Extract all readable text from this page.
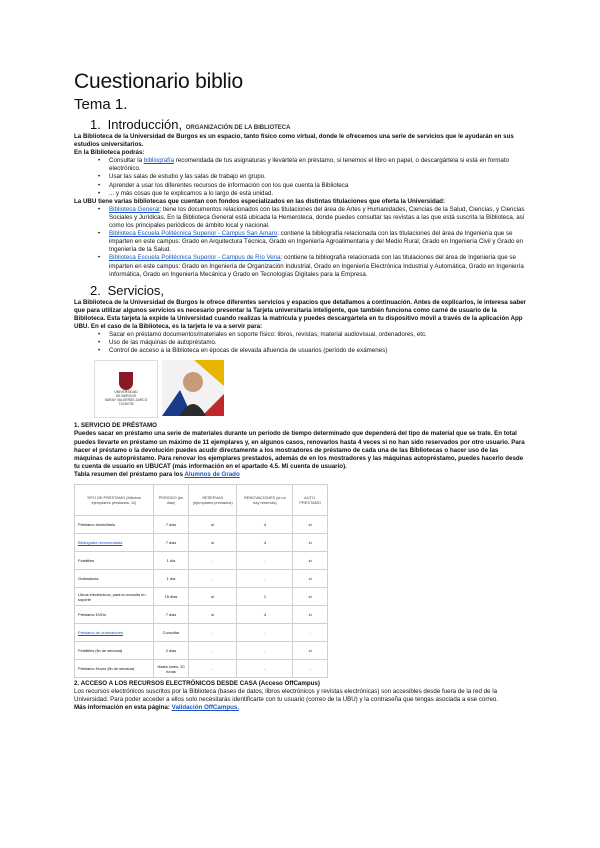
Cuestionario biblio
Tema 1.
1. Introducción, ORGANIZACIÓN DE LA BIBLIOTECA

La Biblioteca de la Universidad de Burgos es un espacio, tanto físico como virtual, donde le ofrecemos una serie de servicios que le ayudarán en sus estudios universitarios.

En la Biblioteca podrás:

• Consultar la bibliografía recomendada de tus asignaturas y llevártela en préstamo, si tenemos el libro en papel, o descargártela si está en formato electrónico.
• Usar las salas de estudio y las salas de trabajo en grupo.
• Aprender a usar los diferentes recursos de información con los que cuenta la Biblioteca
• ... y más cosas que te explicamos a lo largo de esta unidad.

La UBU tiene varias bibliotecas que cuentan con fondos especializados en las distintas titulaciones que oferta la Universidad:

• Biblioteca General: tiene los documentos relacionados con las titulaciones del área de Artes y Humanidades, Ciencias de la Salud, Ciencias, y Ciencias Sociales y Jurídicas. En la Biblioteca General está ubicada la Hemeroteca, donde puedes consultar las revistas a las que está suscrita la Biblioteca, así como los principales periódicos de ámbito local y nacional.
• Biblioteca Escuela Politécnica Superior - Campus San Amaro: contiene la bibliografía relacionada con las titulaciones del área de Ingeniería que se imparten en este campus: Grado en Arquitectura Técnica, Grado en Ingeniería Agroalimentaria y del Medio Rural, Grado en Ingeniería Civil y Grado en Ingeniería de la Salud.
• Biblioteca Escuela Politécnica Superior - Campus de Río Vena: contiene la bibliografía relacionada con las titulaciones del área de Ingeniería que se imparten en este campus: Grado en Ingeniería de Organización Industrial, Grado en Ingeniería Electrónica Industrial y Automática, Grado en Ingeniería Informática, Grado en Ingeniería Mecánica y Grado en Tecnologías Digitales para la Empresa.
2. Servicios,

La Biblioteca de la Universidad de Burgos le ofrece diferentes servicios y espacios que detallamos a continuación. Antes de explicarlos, le interesa saber que para utilizar algunos servicios es necesario presentar la Tarjeta universitaria inteligente, que también funciona como carné de usuario de la Biblioteca. Esta tarjeta la expide la Universidad cuando realizas la matrícula y puedes descargártela en tu dispositivo móvil a través de la aplicación App UBU. En el caso de la Biblioteca, es la tarjeta le va a servir para:

• Sacar en préstamo documentos/materiales en soporte físico: libros, revistas, material audiovisual, ordenadores, etc.
• Uso de las máquinas de autopréstamo.
• Control de acceso a la Biblioteca en épocas de elevada afluencia de usuarios (período de exámenes)
UNIVERSIDAD
DE BURGOS
SARAY VALDERÁS ZARCO
71245725

1. SERVICIO DE PRÉSTAMO

Puedes sacar en préstamo una serie de materiales durante un período de tiempo determinado que dependerá del tipo de material que se trate. En total puedes llevarte en préstamo un máximo de 11 ejemplares y, en algunos casos, renovarlos hasta 4 veces si no han sido reservados por otro usuario. Para hacer el préstamo o la devolución puedes acudir directamente a los mostradores de préstamo de cada una de las Bibliotecas o hacer uso de las máquinas de autopréstamo. Para renovar los ejemplares prestados, además de en los mostradores y las máquinas autopréstamo, puedes hacerlo desde tu cuenta de usuario en UBUCAT (más información en el apartado 4.5. Mi cuenta de usuario).

Tabla resumen del préstamo para los Alumnos de Grado

TIPO DE PRÉSTAMO (Máximo ejemplares prestados: 11)	PERIODO (en días)	RESERVAS (ejemplares prestados)	RENOVACIONES (si no hay reservas)	AUTO-PRÉSTAMO
Préstamo domiciliario	7 días	sí	4	sí
Bibliografía recomendada	7 días	sí	4	sí
Portátiles	1 día	-	-	sí
Grabadoras	1 día	-	-	sí
Libros electrónicos, para la consulta en soporte	15 días	sí	1	sí
Préstamo DVDs	7 días	sí	4	sí
Préstamo de ordenadores	Consultar	-	-	-
Portátiles (fin de semana)	2 días	-	-	sí
Préstamo Humo (fin de semana)	Hasta lunes, 10 horas	-	-	-

2. ACCESO A LOS RECURSOS ELECTRÓNICOS DESDE CASA (Acceso OffCampus)

Los recursos electrónicos suscritos por la Biblioteca (bases de datos, libros electrónicos y revistas electrónicas) son accesibles desde fuera de la red de la Universidad. Para poder acceder a ellos solo necesitarás identificarte con tu usuario (correo de la UBU) y la contraseña que tengas asociada a ese correo.

Más información en esta página: Validación OffCampus.
